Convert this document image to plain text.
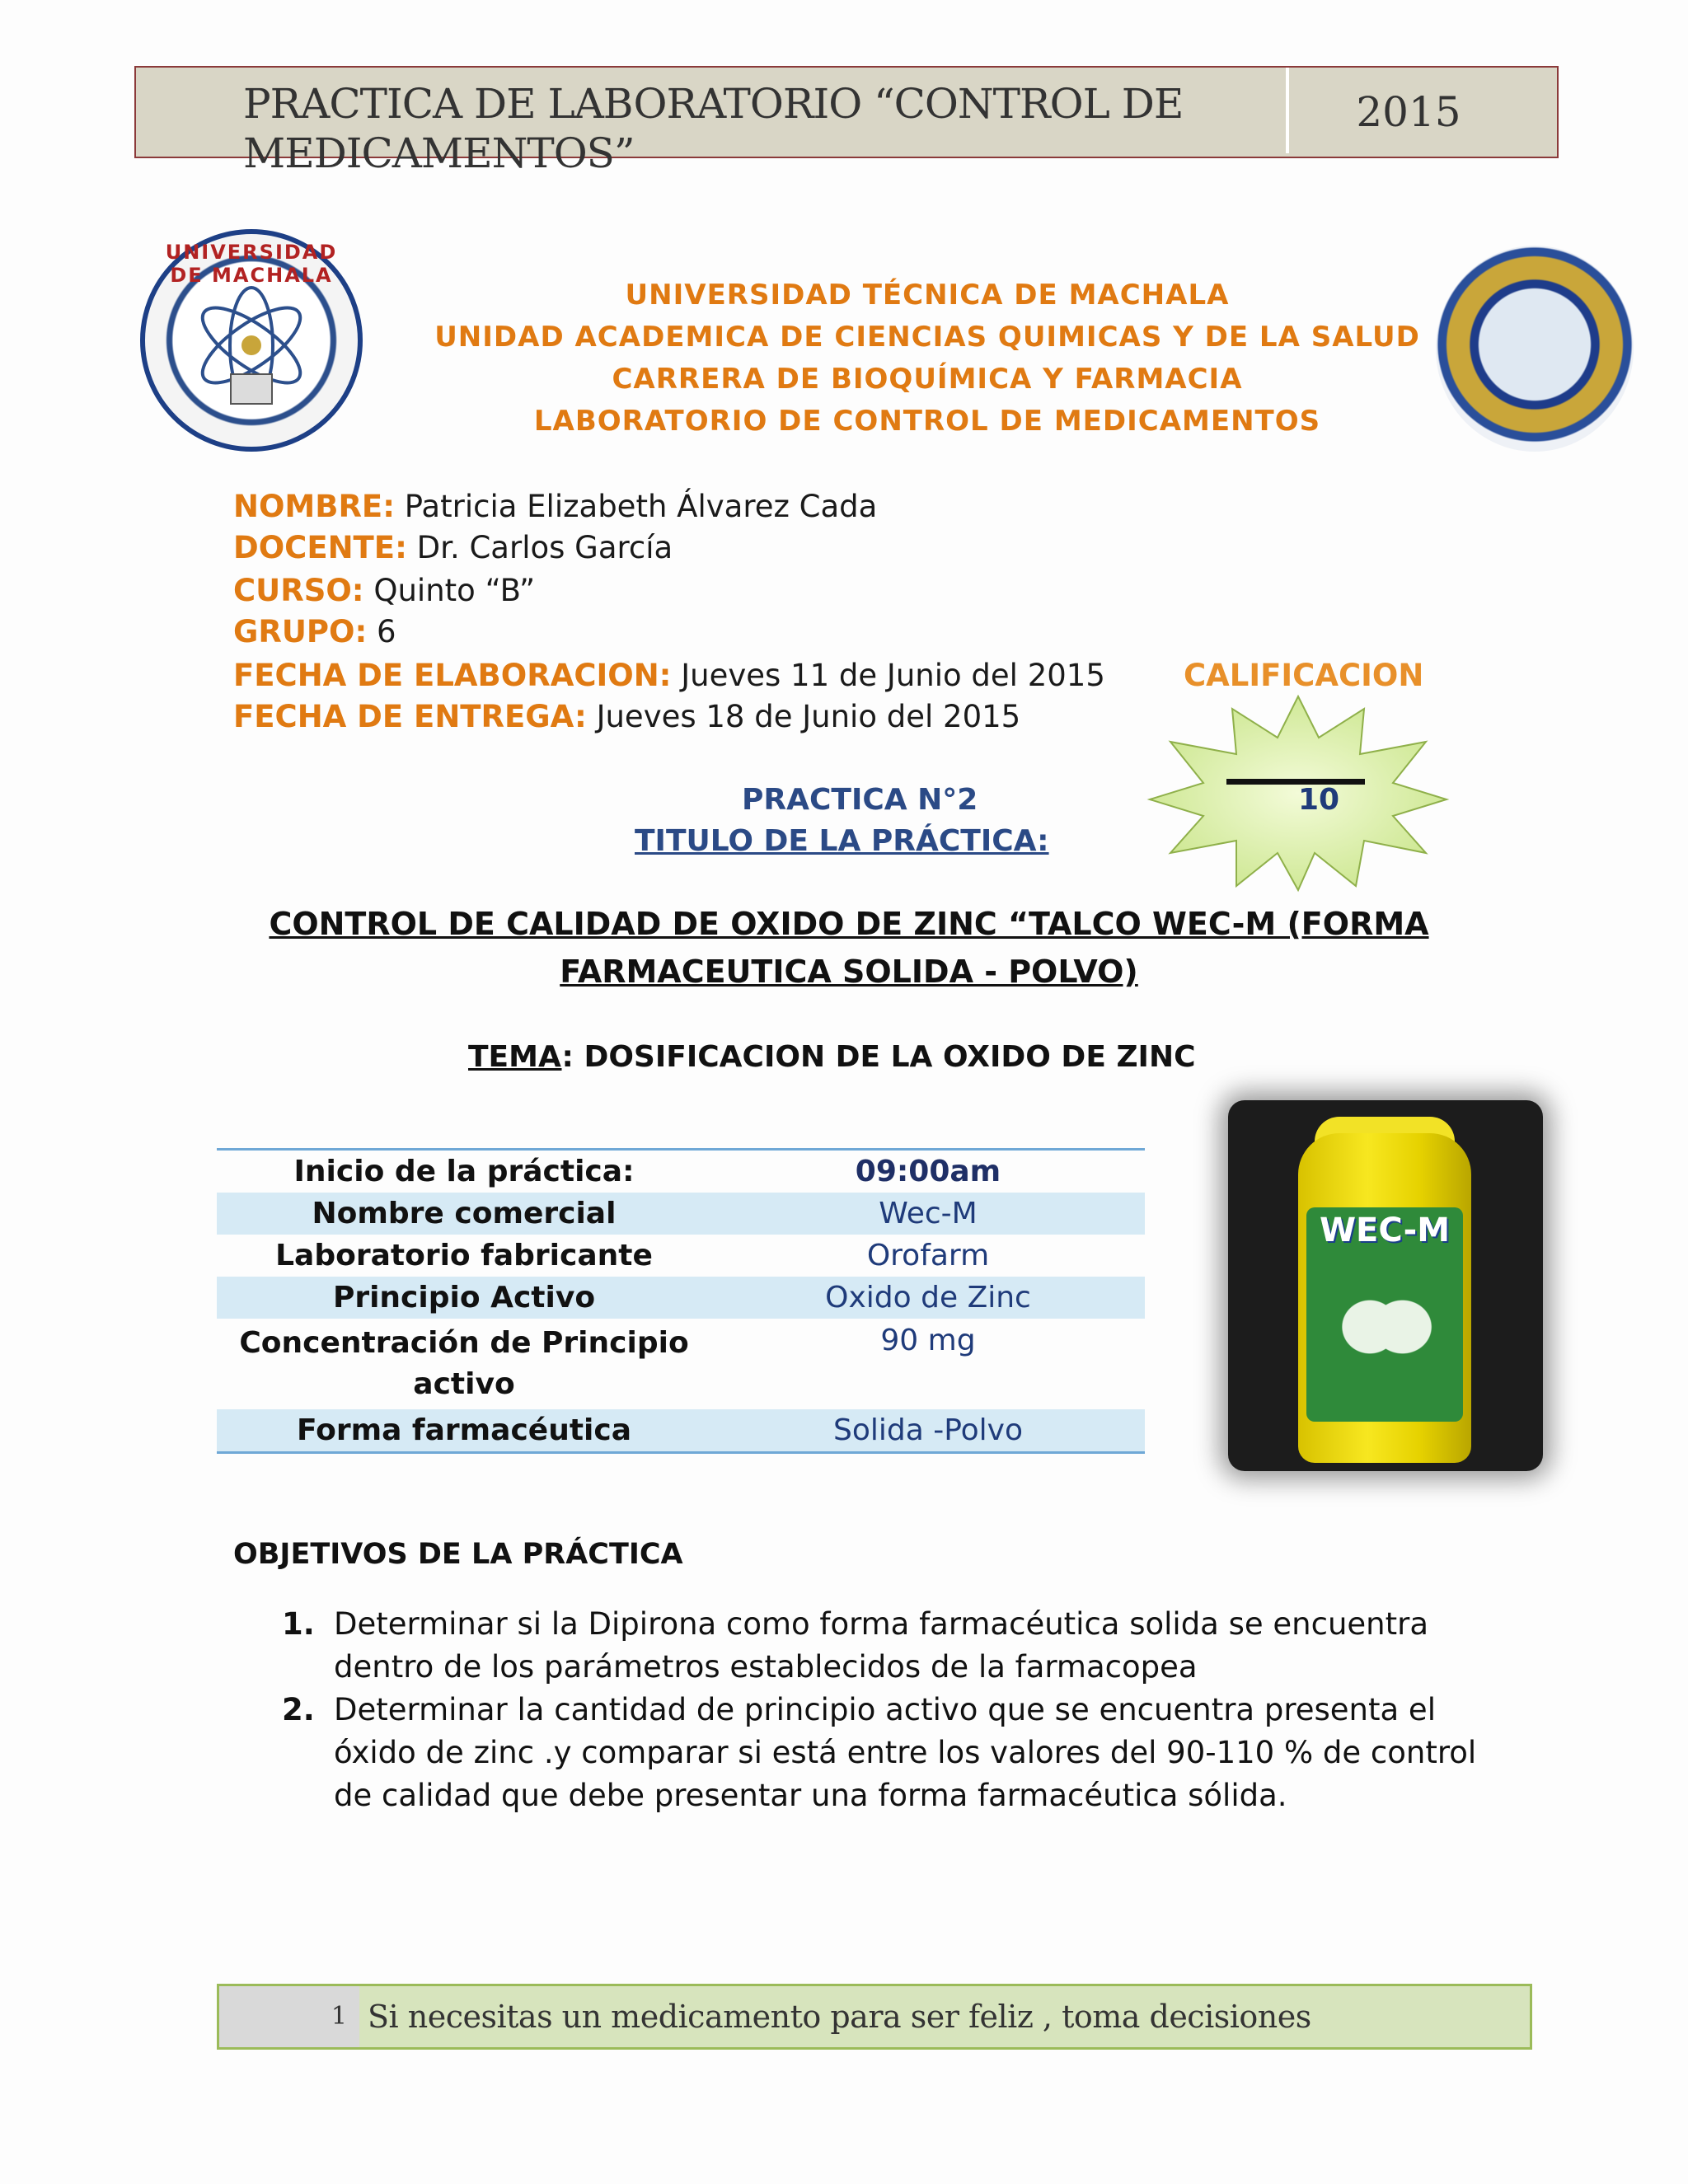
PRACTICA DE LABORATORIO “CONTROL DE MEDICAMENTOS”
2015
UNIVERSIDAD DE MACHALA
UNIVERSIDAD TÉCNICA DE MACHALA
UNIDAD ACADEMICA DE CIENCIAS QUIMICAS Y DE LA SALUD
CARRERA DE BIOQUÍMICA Y FARMACIA
LABORATORIO DE CONTROL DE MEDICAMENTOS
NOMBRE: Patricia Elizabeth Álvarez Cada
DOCENTE: Dr. Carlos García
CURSO: Quinto “B”
GRUPO: 6
FECHA DE ELABORACION: Jueves 11 de Junio del 2015
FECHA DE ENTREGA: Jueves 18 de Junio del 2015
CALIFICACION
10
PRACTICA N°2
TITULO DE LA PRÁCTICA:
CONTROL DE CALIDAD DE OXIDO DE ZINC “TALCO WEC-M (FORMA
FARMACEUTICA SOLIDA - POLVO)
TEMA: DOSIFICACION DE LA OXIDO DE ZINC
Inicio de la práctica:	09:00am
Nombre comercial	Wec-M
Laboratorio fabricante	Orofarm
Principio Activo	Oxido de Zinc
Concentración de Principio activo	90 mg
Forma farmacéutica	Solida -Polvo
WEC-M
OBJETIVOS DE LA PRÁCTICA
1. Determinar si la Dipirona como forma farmacéutica solida se encuentra dentro de los parámetros establecidos de la farmacopea
2. Determinar la cantidad de principio activo que se encuentra presenta el óxido de zinc .y comparar si está entre los valores del 90-110 % de control de calidad que debe presentar una forma farmacéutica sólida.
1 Si necesitas un medicamento para ser feliz , toma decisiones
